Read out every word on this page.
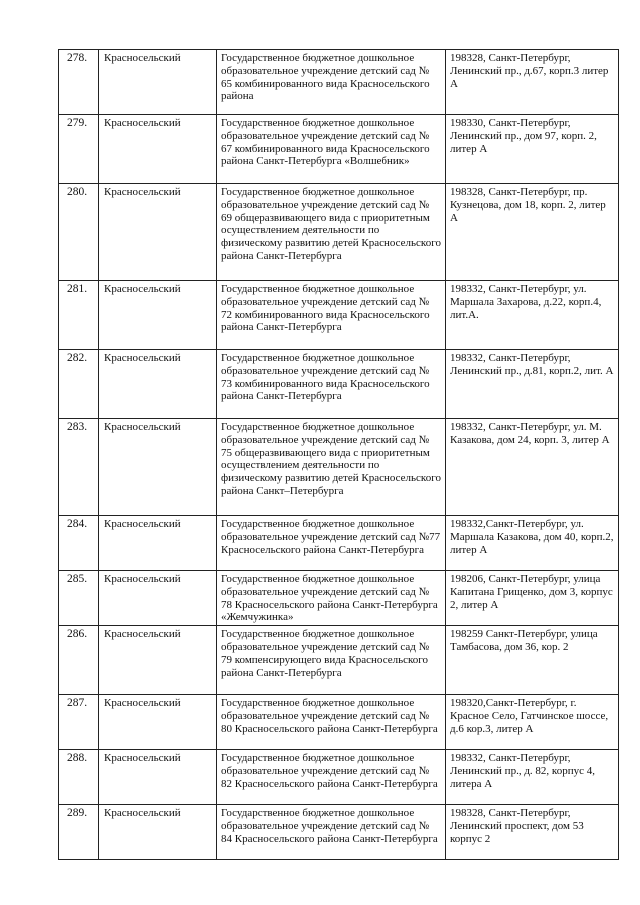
278.	Красносельский	Государственное бюджетное дошкольное образовательное учреждение детский сад № 65 комбинированного вида Красносельского района	198328, Санкт-Петербург, Ленинский пр., д.67, корп.3 литер А
279.	Красносельский	Государственное бюджетное дошкольное образовательное учреждение детский сад № 67 комбинированного вида Красносельского района Санкт-Петербурга «Волшебник»	198330, Санкт-Петербург, Ленинский пр., дом 97, корп. 2, литер А
280.	Красносельский	Государственное бюджетное дошкольное образовательное учреждение детский сад № 69 общеразвивающего вида с приоритетным осуществлением деятельности по физическому развитию детей Красносельского района Санкт-Петербурга	198328, Санкт-Петербург, пр. Кузнецова, дом 18, корп. 2, литер А
281.	Красносельский	Государственное бюджетное дошкольное образовательное учреждение детский сад № 72 комбинированного вида Красносельского района Санкт-Петербурга	198332, Санкт-Петербург, ул. Маршала Захарова, д.22, корп.4, лит.А.
282.	Красносельский	Государственное бюджетное дошкольное образовательное учреждение детский сад № 73 комбинированного вида Красносельского района Санкт-Петербурга	198332, Санкт-Петербург, Ленинский пр., д.81, корп.2, лит. А
283.	Красносельский	Государственное бюджетное дошкольное образовательное учреждение детский сад № 75 общеразвивающего вида с приоритетным осуществлением деятельности по физическому развитию детей Красносельского района Санкт–Петербурга	198332, Санкт-Петербург, ул. М. Казакова, дом 24, корп. 3, литер А
284.	Красносельский	Государственное бюджетное дошкольное образовательное учреждение детский сад №77 Красносельского района Санкт-Петербурга	198332,Санкт-Петербург, ул. Маршала Казакова, дом 40, корп.2, литер А
285.	Красносельский	Государственное бюджетное дошкольное образовательное учреждение детский сад № 78 Красносельского района Санкт-Петербурга «Жемчужинка»	198206, Санкт-Петербург, улица Капитана Грищенко, дом 3, корпус 2, литер А
286.	Красносельский	Государственное бюджетное дошкольное образовательное учреждение детский сад № 79 компенсирующего вида Красносельского района Санкт-Петербурга	198259 Санкт-Петербург, улица Тамбасова, дом 36, кор. 2
287.	Красносельский	Государственное бюджетное дошкольное образовательное учреждение детский сад № 80 Красносельского района Санкт-Петербурга	198320,Санкт-Петербург, г. Красное Село, Гатчинское шоссе, д.6 кор.3, литер А
288.	Красносельский	Государственное бюджетное дошкольное образовательное учреждение детский сад № 82 Красносельского района Санкт-Петербурга	198332, Санкт-Петербург, Ленинский пр., д. 82, корпус 4, литера А
289.	Красносельский	Государственное бюджетное дошкольное образовательное учреждение детский сад № 84 Красносельского района Санкт-Петербурга	198328, Санкт-Петербург, Ленинский проспект, дом 53 корпус 2
